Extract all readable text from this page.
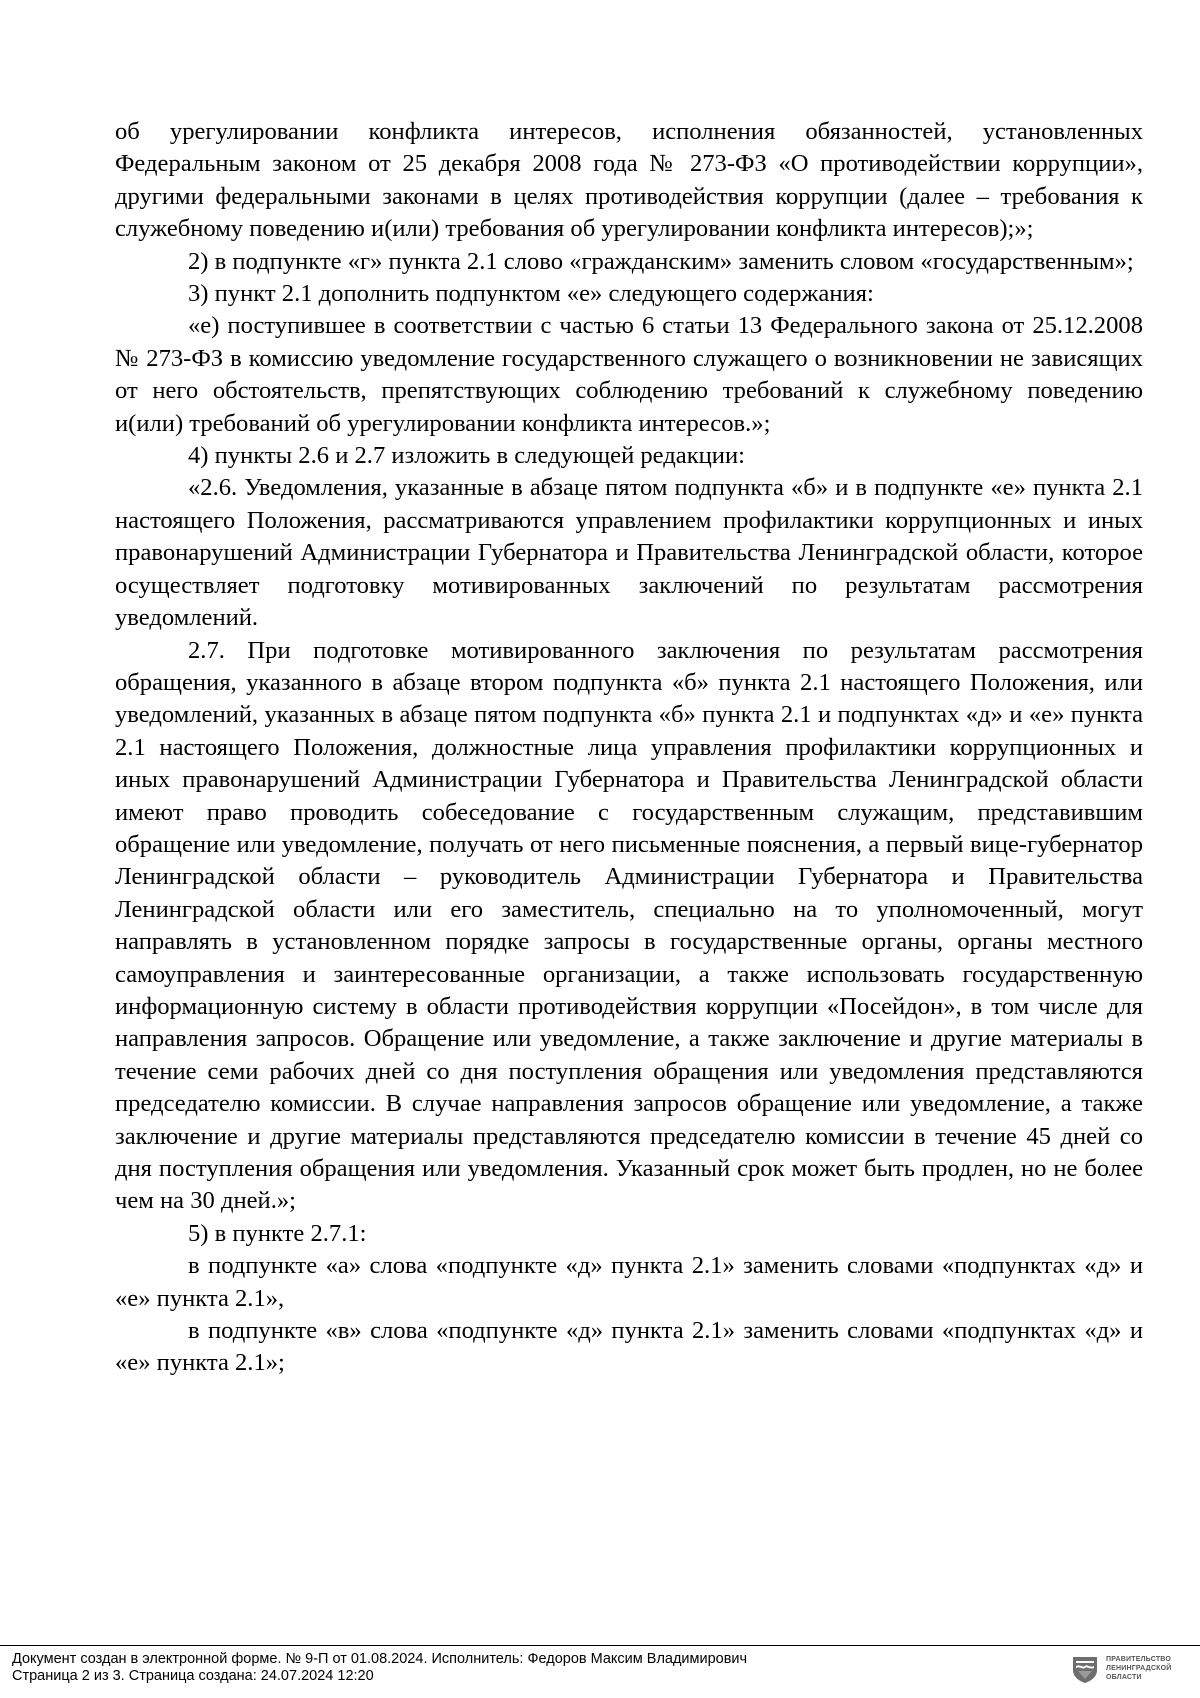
об урегулировании конфликта интересов, исполнения обязанностей, установленных Федеральным законом от 25 декабря 2008 года № 273-ФЗ «О противодействии коррупции», другими федеральными законами в целях противодействия коррупции (далее – требования к служебному поведению и(или) требования об урегулировании конфликта интересов);»;

2) в подпункте «г» пункта 2.1 слово «гражданским» заменить словом «государственным»;

3) пункт 2.1 дополнить подпунктом «е» следующего содержания:

«е) поступившее в соответствии с частью 6 статьи 13 Федерального закона от 25.12.2008 № 273-ФЗ в комиссию уведомление государственного служащего о возникновении не зависящих от него обстоятельств, препятствующих соблюдению требований к служебному поведению и(или) требований об урегулировании конфликта интересов.»;

4) пункты 2.6 и 2.7 изложить в следующей редакции:

«2.6. Уведомления, указанные в абзаце пятом подпункта «б» и в подпункте «е» пункта 2.1 настоящего Положения, рассматриваются управлением профилактики коррупционных и иных правонарушений Администрации Губернатора и Правительства Ленинградской области, которое осуществляет подготовку мотивированных заключений по результатам рассмотрения уведомлений.

2.7. При подготовке мотивированного заключения по результатам рассмотрения обращения, указанного в абзаце втором подпункта «б» пункта 2.1 настоящего Положения, или уведомлений, указанных в абзаце пятом подпункта «б» пункта 2.1 и подпунктах «д» и «е» пункта 2.1 настоящего Положения, должностные лица управления профилактики коррупционных и иных правонарушений Администрации Губернатора и Правительства Ленинградской области имеют право проводить собеседование с государственным служащим, представившим обращение или уведомление, получать от него письменные пояснения, а первый вице-губернатор Ленинградской области – руководитель Администрации Губернатора и Правительства Ленинградской области или его заместитель, специально на то уполномоченный, могут направлять в установленном порядке запросы в государственные органы, органы местного самоуправления и заинтересованные организации, а также использовать государственную информационную систему в области противодействия коррупции «Посейдон», в том числе для направления запросов. Обращение или уведомление, а также заключение и другие материалы в течение семи рабочих дней со дня поступления обращения или уведомления представляются председателю комиссии. В случае направления запросов обращение или уведомление, а также заключение и другие материалы представляются председателю комиссии в течение 45 дней со дня поступления обращения или уведомления. Указанный срок может быть продлен, но не более чем на 30 дней.»;

5) в пункте 2.7.1:

в подпункте «а» слова «подпункте «д» пункта 2.1» заменить словами «подпунктах «д» и «е» пункта 2.1»,

в подпункте «в» слова «подпункте «д» пункта 2.1» заменить словами «подпунктах «д» и «е» пункта 2.1»;

Документ создан в электронной форме. № 9-П от 01.08.2024. Исполнитель: Федоров Максим Владимирович
Страница 2 из 3. Страница создана: 24.07.2024 12:20
ПРАВИТЕЛЬСТВО
ЛЕНИНГРАДСКОЙ
ОБЛАСТИ
